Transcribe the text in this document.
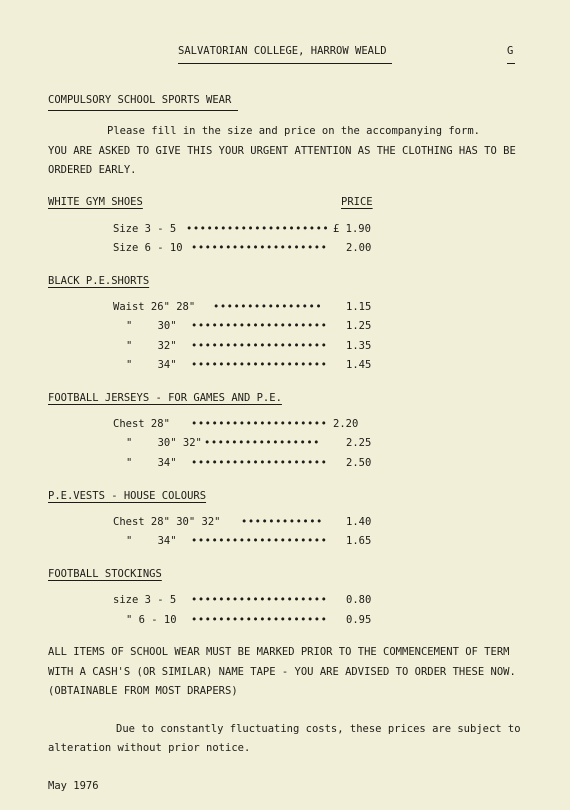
SALVATORIAN COLLEGE, HARROW WEALD	G
COMPULSORY SCHOOL SPORTS WEAR
Please fill in the size and price on the accompanying form.
YOU ARE ASKED TO GIVE THIS YOUR URGENT ATTENTION AS THE CLOTHING HAS TO BE
ORDERED EARLY.
WHITE GYM SHOES	PRICE
Size 3 - 5 ••••••••••••••••••••• £ 1.90
Size 6 - 10 •••••••••••••••••••• 2.00
BLACK P.E.SHORTS
Waist 26" 28" •••••••••••••••• 1.15
"    30" •••••••••••••••••••• 1.25
"    32" •••••••••••••••••••• 1.35
"    34" •••••••••••••••••••• 1.45
FOOTBALL JERSEYS - FOR GAMES AND P.E.
Chest 28" •••••••••••••••••••• 2.20
"    30" 32" ••••••••••••••••• 2.25
"    34" •••••••••••••••••••• 2.50
P.E.VESTS - HOUSE COLOURS
Chest 28" 30" 32" •••••••••••• 1.40
"    34" •••••••••••••••••••• 1.65
FOOTBALL STOCKINGS
size 3 - 5 •••••••••••••••••••• 0.80
" 6 - 10 •••••••••••••••••••• 0.95
ALL ITEMS OF SCHOOL WEAR MUST BE MARKED PRIOR TO THE COMMENCEMENT OF TERM
WITH A CASH'S (OR SIMILAR) NAME TAPE - YOU ARE ADVISED TO ORDER THESE NOW.
(OBTAINABLE FROM MOST DRAPERS)
Due to constantly fluctuating costs, these prices are subject to
alteration without prior notice.
May 1976
